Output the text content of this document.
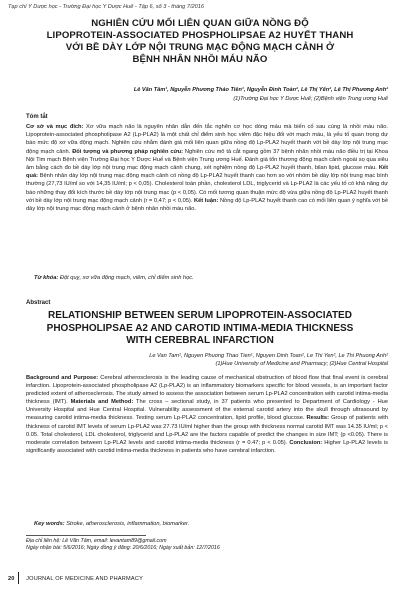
Tạp chí Y Dược học - Trường Đại học Y Dược Huế - Tập 6, số 3 - tháng 7/2016
NGHIÊN CỨU MỐI LIÊN QUAN GIỮA NỒNG ĐỘ
LIPOPROTEIN-ASSOCIATED PHOSPHOLIPSAE A2 HUYẾT THANH
VỚI BỀ DÀY LỚP NỘI TRUNG MẠC ĐỘNG MẠCH CẢNH Ở
BỆNH NHÂN NHỒI MÁU NÃO
Lê Văn Tâm¹, Nguyễn Phương Thảo Tiên¹, Nguyễn Đình Toàn², Lê Thị Yến², Lê Thị Phương Anh²
(1)Trường Đại học Y Dược Huế; (2)Bệnh viện Trung ương Huế
Tóm tắt
Cơ sở và mục đích: Xơ vữa mạch não là nguyên nhân dẫn đến tắc nghẽn cơ học dòng máu mà biến cố sau cùng là nhồi máu não. Lipoprotein-associated phospholipase A2 (Lp-PLA2) là một chất chỉ điểm sinh học viêm đặc hiệu đối với mạch máu, là yếu tố quan trọng dự báo mức độ xơ vữa động mạch. Nghiên cứu nhằm đánh giá mối liên quan giữa nồng độ Lp-PLA2 huyết thanh với bề dày lớp nội trung mạc động mạch cảnh. Đối tượng và phương pháp nghiên cứu: Nghiên cứu mô tả cắt ngang gồm 37 bệnh nhân nhồi máu não điều trị tại Khoa Nội Tim mạch Bệnh viện Trường Đại học Y Dược Huế và Bệnh viện Trung ương Huế. Đánh giá tổn thương động mạch cảnh ngoài sọ qua siêu âm bằng cách đo bề dày lớp nội trung mạc động mạch cảnh chung, xét nghiệm nồng độ Lp-PLA2 huyết thanh, bilan lipid, glucose máu. Kết quả: Bệnh nhân dày lớp nội trung mạc động mạch cảnh có nồng độ Lp-PLA2 huyết thanh cao hơn so với nhóm bề dày lớp nội trung mạc bình thường (27,73 IU/ml so với 14,35 IU/ml; p < 0,05). Cholesterol toàn phần, cholesterol LDL, triglycerid và Lp-PLA2 là các yếu tố có khả năng dự báo những thay đổi kích thước bề dày lớp nội trung mạc (p < 0,05). Có mối tương quan thuận mức độ vừa giữa nồng độ Lp-PLA2 huyết thanh với bề dày lớp nội trung mạc động mạch cảnh (r = 0,47; p < 0,05). Kết luận: Nồng độ Lp-PLA2 huyết thanh cao có mối liên quan ý nghĩa với bề dày lớp nội trung mạc động mạch cảnh ở bệnh nhân nhồi máu não.
Từ khóa: Đột quỵ, xơ vữa động mạch, viêm, chỉ điểm sinh học.
Abstract
RELATIONSHIP BETWEEN SERUM LIPOPROTEIN-ASSOCIATED
PHOSPHOLIPSAE A2 AND CAROTID INTIMA-MEDIA THICKNESS
WITH CEREBRAL INFARCTION
Le Van Tam¹, Nguyen Phuong Thao Tien¹, Nguyen Dinh Toan², Le Thi Yen², Le Thi Phuong Anh²
(1)Hue University of Medicine and Pharmacy; (2)Hue Central Hospital
Background and Purpose: Cerebral atherosclerosis is the leading cause of mechanical obstruction of blood flow that final event is cerebral infarction. Lipoprotein-associated phospholipase A2 (Lp-PLA2) is an inflammatory biomarkers specific for blood vessels, is an important factor predicted extent of atherosclerosis. The study aimed to assess the association between serum Lp-PLA2 concentration with carotid intima-media thickness (IMT). Materials and Method: The cross – sectional study, in 37 patients who presented to Department of Cardiology - Hue University Hospital and Hue Central Hospital. Vulnerability assessment of the external carotid artery into the skull through ultrasound by measuring carotid intima-media thickness. Testing serum Lp-PLA2 concentration, lipid profile, blood glucose. Results: Group of patients with thickness of carotid IMT levels of serum Lp-PLA2 was 27.73 IU/ml higher than the group with thickness normal carotid IMT was 14.35 IU/ml; p < 0.05. Total cholesterol, LDL cholesterol, triglycerid and Lp-PLA2 are the factors capable of predict the changes in size IMT; (p <0.05). There is moderate correlation between Lp-PLA2 levels and carotid intima-media thickness (r = 0.47; p < 0.05). Conclusion: Higher Lp-PLA2 levels is significantly associated with carotid intima-media thickness in patients who have cerebral infarction.
Key words: Stroke, atherosclerosis, inflammation, biomarker.
Địa chỉ liên hệ: Lê Văn Tâm, email: levantam89@gmail.com
Ngày nhận bài: 5/6/2016; Ngày đồng ý đăng: 20/6/2016; Ngày xuất bản: 12/7/2016
20 JOURNAL OF MEDICINE AND PHARMACY
